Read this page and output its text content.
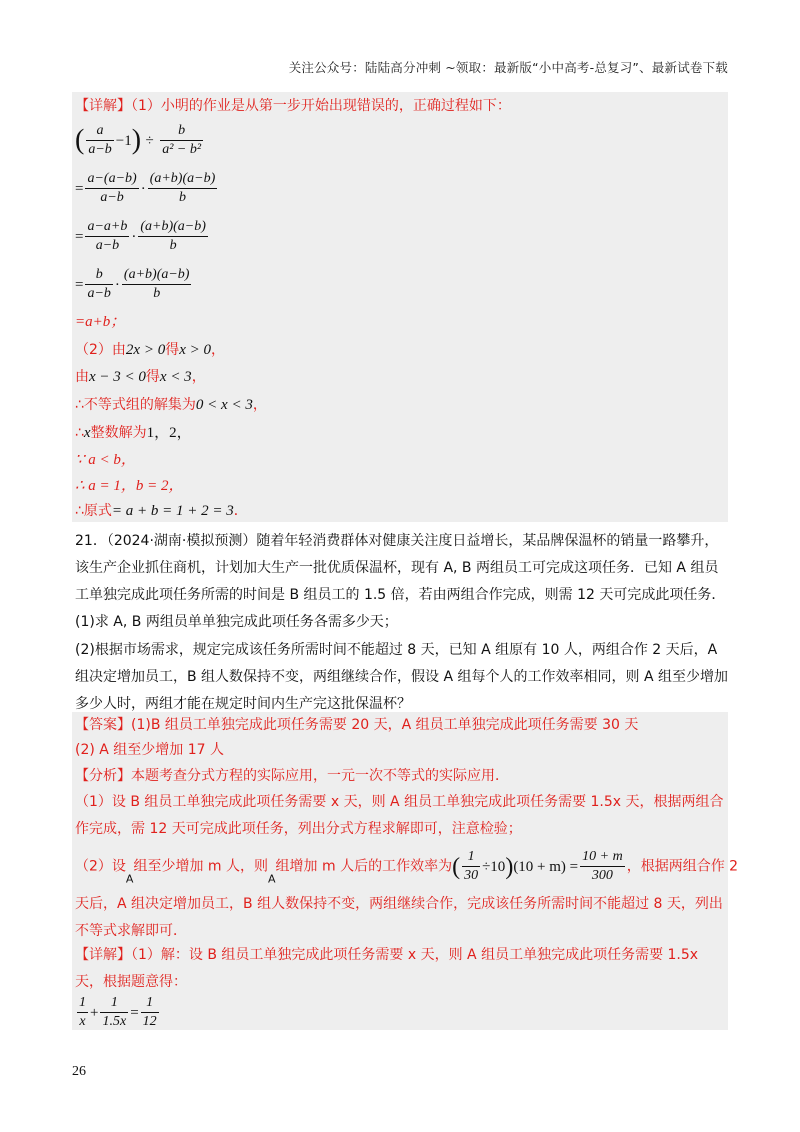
关注公众号：陆陆高分冲刺 ~领取：最新版“小中高考-总复习”、最新试卷下载
【详解】（1）小明的作业是从第一步开始出现错误的，正确过程如下：
( $\frac{a}{a-b} -1) \div \frac{b}{\text{a² − b²}}$
= $\frac{a-(a-b)}{a-b} \cdot \frac{(a+b)(a-b)}{b}$
= $\frac{a-a+b}{a-b} \cdot \frac{(a+b)(a-b)}{b}$
= $\frac{b}{a-b} \cdot \frac{(a+b)(a-b)}{b}$
=a+b；
（2）由2x > 0得x > 0，
由x − 3 < 0得x < 3，
∴不等式组的解集为0 < x < 3，
∴x整数解为1，2，
∵ a < b，
∴ a = 1，b = 2，
∴原式= a + b = 1 + 2 = 3．
21．（2024·湖南·模拟预测）随着年轻消费群体对健康关注度日益增长，某品牌保温杯的销量一路攀升，该生产企业抓住商机，计划加大生产一批优质保温杯，现有 A, B 两组员工可完成这项任务．已知 A 组员工单独完成此项任务所需的时间是 B 组员工的 1.5 倍，若由两组合作完成，则需 12 天可完成此项任务．
(1)求 A, B 两组员单单独完成此项任务各需多少天；
(2)根据市场需求，规定完成该任务所需时间不能超过 8 天，已知 A 组原有 10 人，两组合作 2 天后，A 组决定增加员工，B 组人数保持不变，两组继续合作，假设 A 组每个人的工作效率相同，则 A 组至少增加多少人时，两组才能在规定时间内生产完这批保温杯？
【答案】(1)B 组员工单独完成此项任务需要 20 天，A 组员工单独完成此项任务需要 30 天
(2) A 组至少增加 17 人
【分析】本题考查分式方程的实际应用，一元一次不等式的实际应用．
（1）设 B 组员工单独完成此项任务需要 x 天，则 A 组员工单独完成此项任务需要 1.5x 天，根据两组合作完成，需 12 天可完成此项任务，列出分式方程求解即可，注意检验；
（2）设$_A$组至少增加 m 人，则$_A$组增加 m 人后的工作效率为( $\frac{1}{30} \div 10)(10 + m) = \frac{10 + m}{300}$ ，根据两组合作 2
天后，A 组决定增加员工，B 组人数保持不变，两组继续合作，完成该任务所需时间不能超过 8 天，列出不等式求解即可．
【详解】（1）解：设 B 组员工单独完成此项任务需要 x 天，则 A 组员工单独完成此项任务需要 1.5x 天，根据题意得：
$\frac{1}{x} + \frac{1}{1.5x} = \frac{1}{12}$
26
